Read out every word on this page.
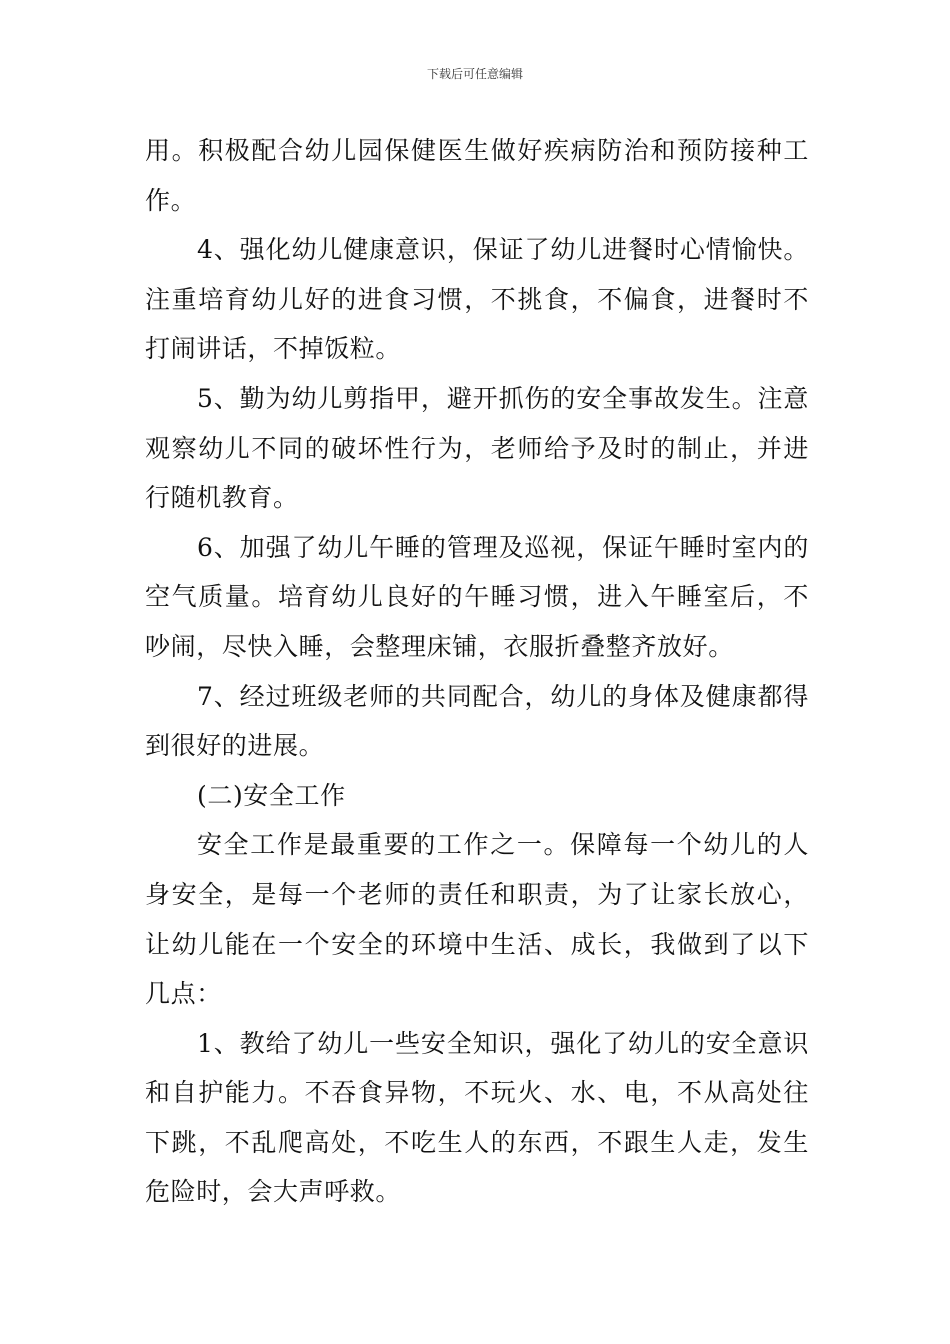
下载后可任意编辑

用。积极配合幼儿园保健医生做好疾病防治和预防接种工作。

4、强化幼儿健康意识，保证了幼儿进餐时心情愉快。注重培育幼儿好的进食习惯，不挑食，不偏食，进餐时不打闹讲话，不掉饭粒。

5、勤为幼儿剪指甲，避开抓伤的安全事故发生。注意观察幼儿不同的破坏性行为，老师给予及时的制止，并进行随机教育。

6、加强了幼儿午睡的管理及巡视，保证午睡时室内的空气质量。培育幼儿良好的午睡习惯，进入午睡室后，不吵闹，尽快入睡，会整理床铺，衣服折叠整齐放好。

7、经过班级老师的共同配合，幼儿的身体及健康都得到很好的进展。

(二)安全工作

安全工作是最重要的工作之一。保障每一个幼儿的人身安全，是每一个老师的责任和职责，为了让家长放心，让幼儿能在一个安全的环境中生活、成长，我做到了以下几点：

1、教给了幼儿一些安全知识，强化了幼儿的安全意识和自护能力。不吞食异物，不玩火、水、电，不从高处往下跳，不乱爬高处，不吃生人的东西，不跟生人走，发生危险时，会大声呼救。
